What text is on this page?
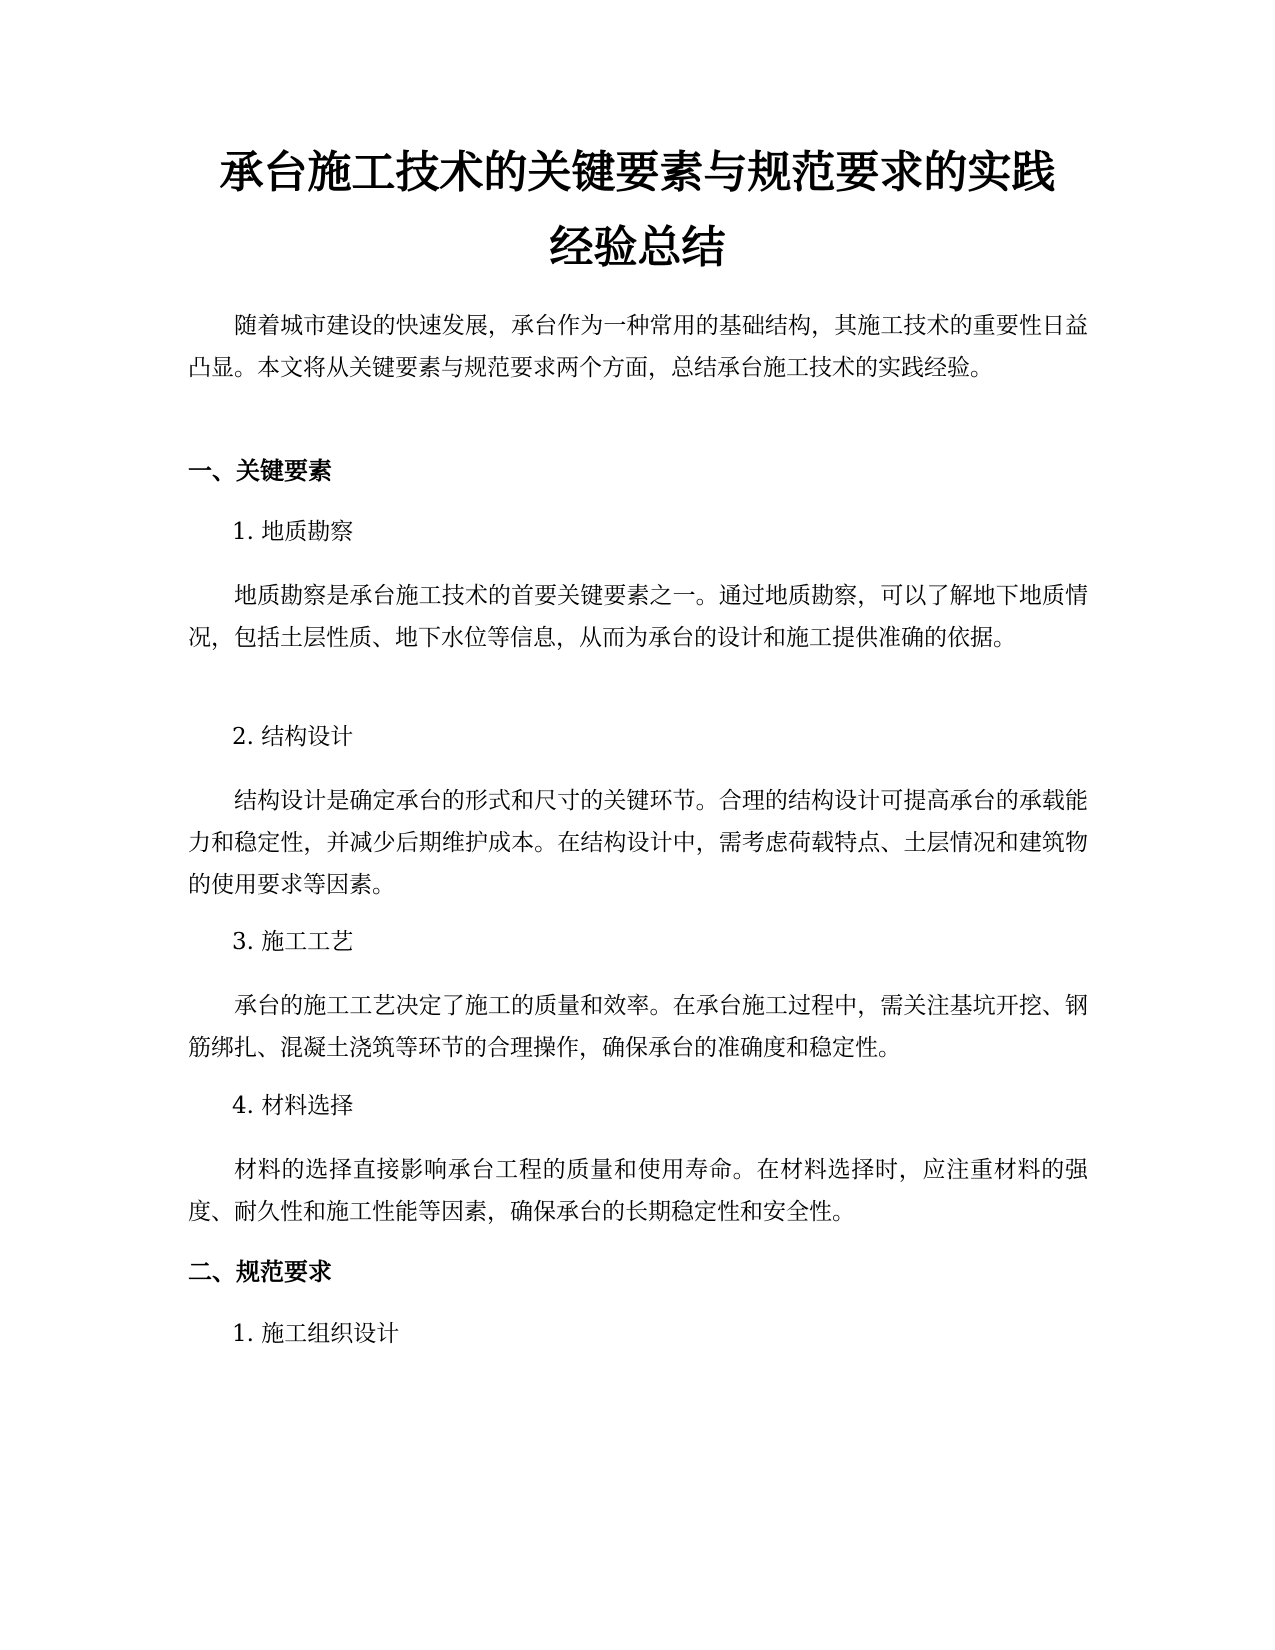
承台施工技术的关键要素与规范要求的实践
经验总结

随着城市建设的快速发展，承台作为一种常用的基础结构，其施工技术的重要性日益凸显。本文将从关键要素与规范要求两个方面，总结承台施工技术的实践经验。

一、关键要素
1. 地质勘察

地质勘察是承台施工技术的首要关键要素之一。通过地质勘察，可以了解地下地质情况，包括土层性质、地下水位等信息，从而为承台的设计和施工提供准确的依据。

2. 结构设计

结构设计是确定承台的形式和尺寸的关键环节。合理的结构设计可提高承台的承载能力和稳定性，并减少后期维护成本。在结构设计中，需考虑荷载特点、土层情况和建筑物的使用要求等因素。

3. 施工工艺

承台的施工工艺决定了施工的质量和效率。在承台施工过程中，需关注基坑开挖、钢筋绑扎、混凝土浇筑等环节的合理操作，确保承台的准确度和稳定性。

4. 材料选择

材料的选择直接影响承台工程的质量和使用寿命。在材料选择时，应注重材料的强度、耐久性和施工性能等因素，确保承台的长期稳定性和安全性。

二、规范要求
1. 施工组织设计
